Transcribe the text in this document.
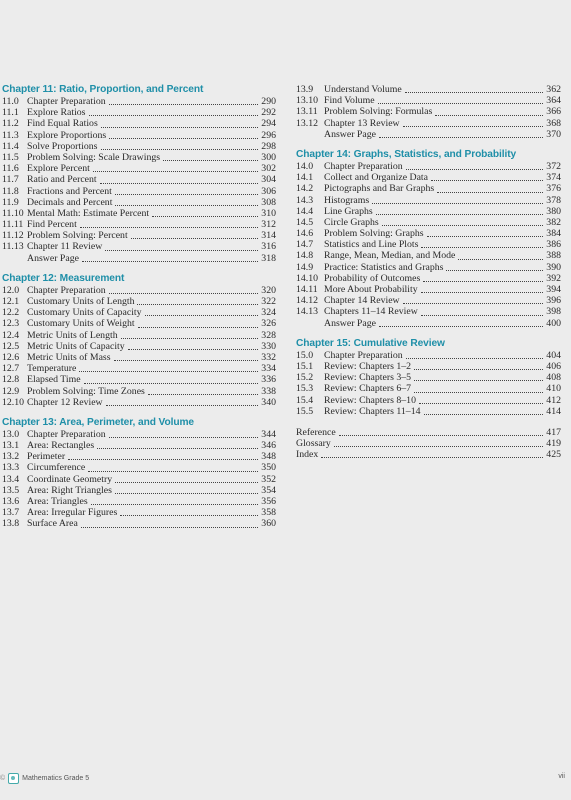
Chapter 11: Ratio, Proportion, and Percent
11.0 Chapter Preparation	290
11.1 Explore Ratios	292
11.2 Find Equal Ratios	294
11.3 Explore Proportions	296
11.4 Solve Proportions	298
11.5 Problem Solving: Scale Drawings	300
11.6 Explore Percent	302
11.7 Ratio and Percent	304
11.8 Fractions and Percent	306
11.9 Decimals and Percent	308
11.10 Mental Math: Estimate Percent	310
11.11 Find Percent	312
11.12 Problem Solving: Percent	314
11.13 Chapter 11 Review	316
Answer Page	318
Chapter 12: Measurement
12.0 Chapter Preparation	320
12.1 Customary Units of Length	322
12.2 Customary Units of Capacity	324
12.3 Customary Units of Weight	326
12.4 Metric Units of Length	328
12.5 Metric Units of Capacity	330
12.6 Metric Units of Mass	332
12.7 Temperature	334
12.8 Elapsed Time	336
12.9 Problem Solving: Time Zones	338
12.10 Chapter 12 Review	340
Chapter 13: Area, Perimeter, and Volume
13.0 Chapter Preparation	344
13.1 Area: Rectangles	346
13.2 Perimeter	348
13.3 Circumference	350
13.4 Coordinate Geometry	352
13.5 Area: Right Triangles	354
13.6 Area: Triangles	356
13.7 Area: Irregular Figures	358
13.8 Surface Area	360
13.9	Understand Volume	362
13.10 Find Volume	364
13.11 Problem Solving: Formulas	366
13.12 Chapter 13 Review	368
Answer Page	370
Chapter 14: Graphs, Statistics, and Probability
14.0	Chapter Preparation	372
14.1	Collect and Organize Data	374
14.2	Pictographs and Bar Graphs	376
14.3	Histograms	378
14.4	Line Graphs	380
14.5	Circle Graphs	382
14.6	Problem Solving: Graphs	384
14.7	Statistics and Line Plots	386
14.8	Range, Mean, Median, and Mode	388
14.9	Practice: Statistics and Graphs	390
14.10 Probability of Outcomes	392
14.11 More About Probability	394
14.12 Chapter 14 Review	396
14.13 Chapters 11–14 Review	398
Answer Page	400
Chapter 15: Cumulative Review
15.0	Chapter Preparation	404
15.1	Review: Chapters 1–2	406
15.2	Review: Chapters 3–5	408
15.3	Review: Chapters 6–7	410
15.4	Review: Chapters 8–10	412
15.5	Review: Chapters 11–14	414
Reference	417
Glossary	419
Index	425
© Mathematics Grade 5	vii
